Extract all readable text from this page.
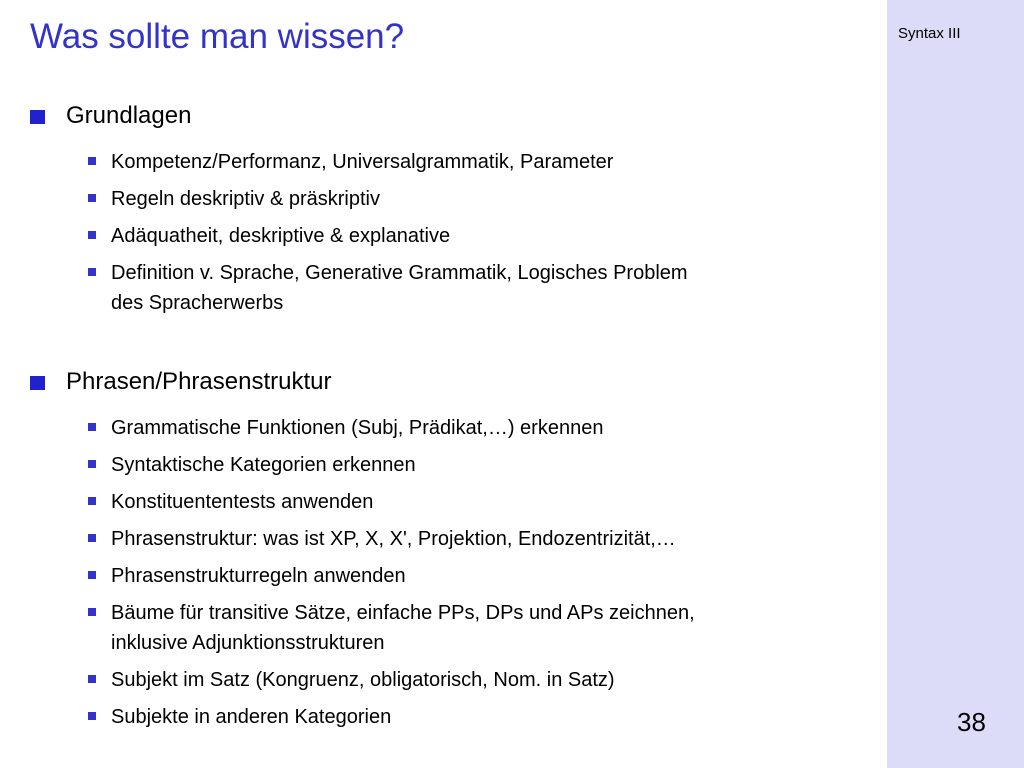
Syntax III
38
Was sollte man wissen?

Grundlagen

Kompetenz/Performanz, Universalgrammatik, Parameter
Regeln deskriptiv & präskriptiv
Adäquatheit, deskriptive & explanative
Definition v. Sprache, Generative Grammatik, Logisches Problem
des Spracherwerbs

Phrasen/Phrasenstruktur

Grammatische Funktionen (Subj, Prädikat,…) erkennen
Syntaktische Kategorien erkennen
Konstituententests anwenden
Phrasenstruktur: was ist XP, X, X', Projektion, Endozentrizität,…
Phrasenstrukturregeln anwenden
Bäume für transitive Sätze, einfache PPs, DPs und APs zeichnen,
inklusive Adjunktionsstrukturen
Subjekt im Satz (Kongruenz, obligatorisch, Nom. in Satz)
Subjekte in anderen Kategorien
